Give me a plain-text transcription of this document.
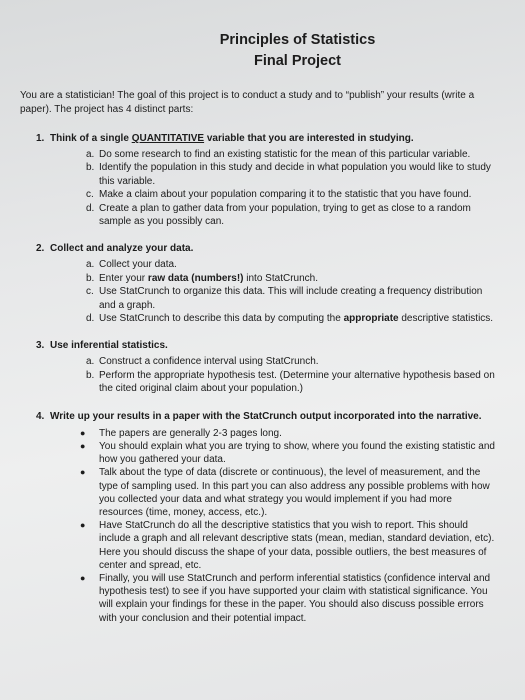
Principles of Statistics
Final Project

You are a statistician! The goal of this project is to conduct a study and to “publish” your results (write a paper). The project has 4 distinct parts:

1. Think of a single QUANTITATIVE variable that you are interested in studying.
a. Do some research to find an existing statistic for the mean of this particular variable.
b. Identify the population in this study and decide in what population you would like to study this variable.
c. Make a claim about your population comparing it to the statistic that you have found.
d. Create a plan to gather data from your population, trying to get as close to a random sample as you possibly can.
2. Collect and analyze your data.
a. Collect your data.
b. Enter your raw data (numbers!) into StatCrunch.
c. Use StatCrunch to organize this data. This will include creating a frequency distribution and a graph.
d. Use StatCrunch to describe this data by computing the appropriate descriptive statistics.
3. Use inferential statistics.
a. Construct a confidence interval using StatCrunch.
b. Perform the appropriate hypothesis test. (Determine your alternative hypothesis based on the cited original claim about your population.)
4. Write up your results in a paper with the StatCrunch output incorporated into the narrative.
●	The papers are generally 2-3 pages long.
●	You should explain what you are trying to show, where you found the existing statistic and how you gathered your data.
●	Talk about the type of data (discrete or continuous), the level of measurement, and the type of sampling used. In this part you can also address any possible problems with how you collected your data and what strategy you would implement if you had more resources (time, money, access, etc.).
●	Have StatCrunch do all the descriptive statistics that you wish to report. This should include a graph and all relevant descriptive stats (mean, median, standard deviation, etc). Here you should discuss the shape of your data, possible outliers, the best measures of center and spread, etc.
●	Finally, you will use StatCrunch and perform inferential statistics (confidence interval and hypothesis test) to see if you have supported your claim with statistical significance. You will explain your findings for these in the paper. You should also discuss possible errors with your conclusion and their potential impact.
